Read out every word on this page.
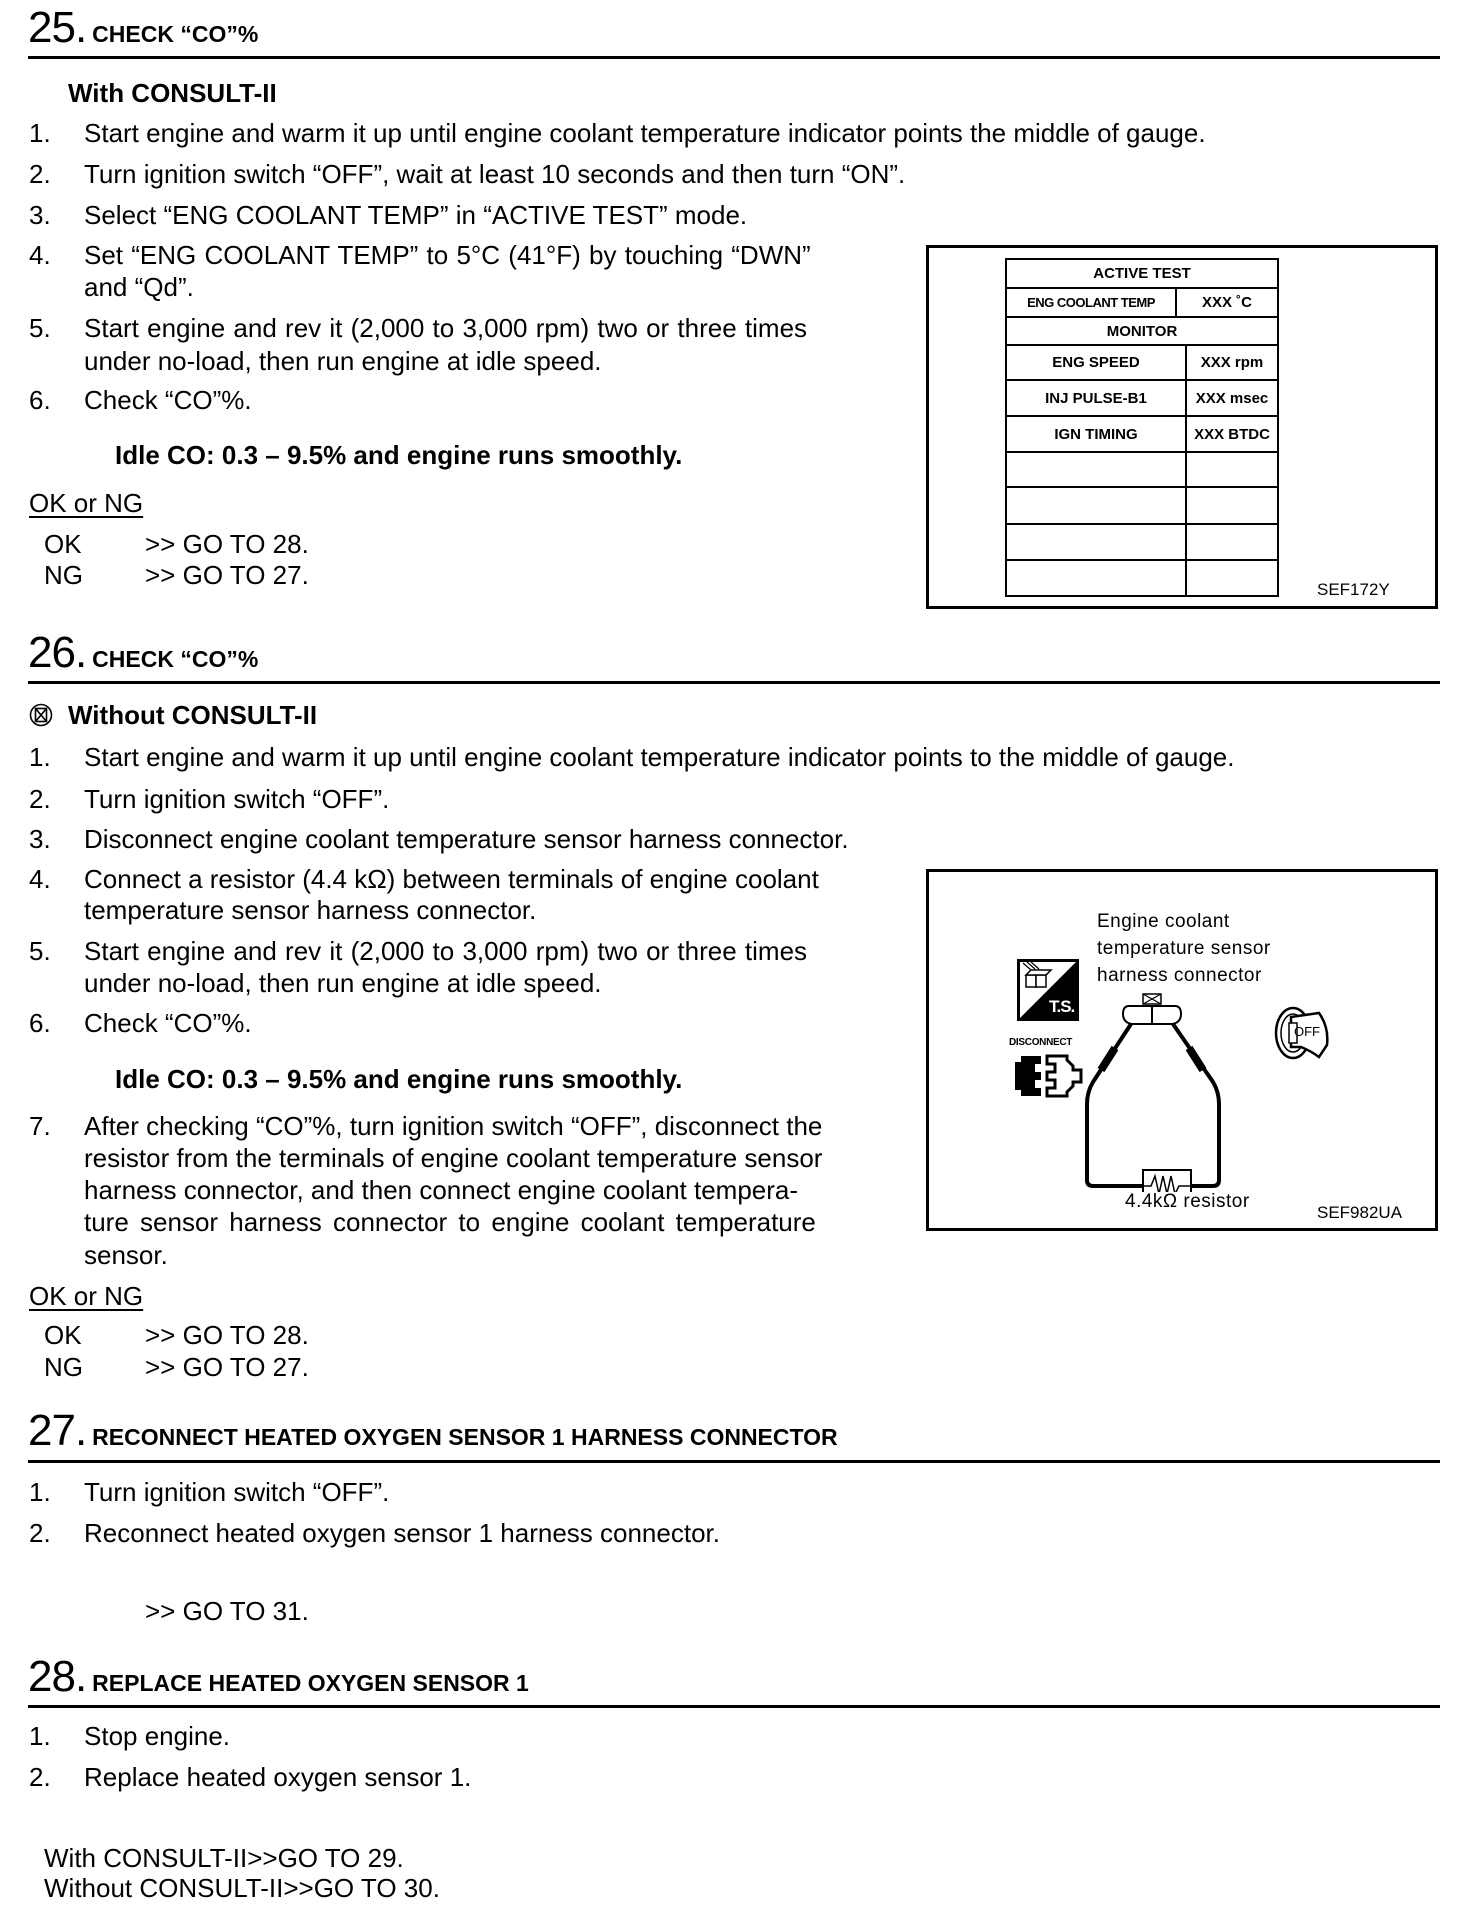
25. CHECK “CO”%
With CONSULT-II
1. Start engine and warm it up until engine coolant temperature indicator points the middle of gauge.
2. Turn ignition switch “OFF”, wait at least 10 seconds and then turn “ON”.
3. Select “ENG COOLANT TEMP” in “ACTIVE TEST” mode.
4. Set “ENG COOLANT TEMP” to 5°C (41°F) by touching “DWN”
and “Qd”.
5. Start engine and rev it (2,000 to 3,000 rpm) two or three times
under no-load, then run engine at idle speed.
6. Check “CO”%.
Idle CO: 0.3 – 9.5% and engine runs smoothly.
OK or NG
OK >> GO TO 28.
NG >> GO TO 27.
ACTIVE TEST	

ENG COOLANT TEMP XXX ˚C	

MONITOR	
ENG SPEED	XXX rpm
INJ PULSE-B1	XXX msec
IGN TIMING	XXX BTDC

SEF172Y
26. CHECK “CO”%
Without CONSULT-II
1. Start engine and warm it up until engine coolant temperature indicator points to the middle of gauge.
2. Turn ignition switch “OFF”.
3. Disconnect engine coolant temperature sensor harness connector.
4. Connect a resistor (4.4 kΩ) between terminals of engine coolant
temperature sensor harness connector.
5. Start engine and rev it (2,000 to 3,000 rpm) two or three times
under no-load, then run engine at idle speed.
6. Check “CO”%.
Idle CO: 0.3 – 9.5% and engine runs smoothly.
7. After checking “CO”%, turn ignition switch “OFF”, disconnect the
resistor from the terminals of engine coolant temperature sensor
harness connector, and then connect engine coolant tempera-
ture sensor harness connector to engine coolant temperature
sensor.
OK or NG
OK >> GO TO 28.
NG >> GO TO 27.
Engine coolant
temperature sensor
harness connector
T.S.
DISCONNECT
4.4kΩ resistor
OFF
SEF982UA
27. RECONNECT HEATED OXYGEN SENSOR 1 HARNESS CONNECTOR
1. Turn ignition switch “OFF”.
2. Reconnect heated oxygen sensor 1 harness connector.
>> GO TO 31.
28. REPLACE HEATED OXYGEN SENSOR 1
1. Stop engine.
2. Replace heated oxygen sensor 1.
With CONSULT-II>>GO TO 29.
Without CONSULT-II>>GO TO 30.
